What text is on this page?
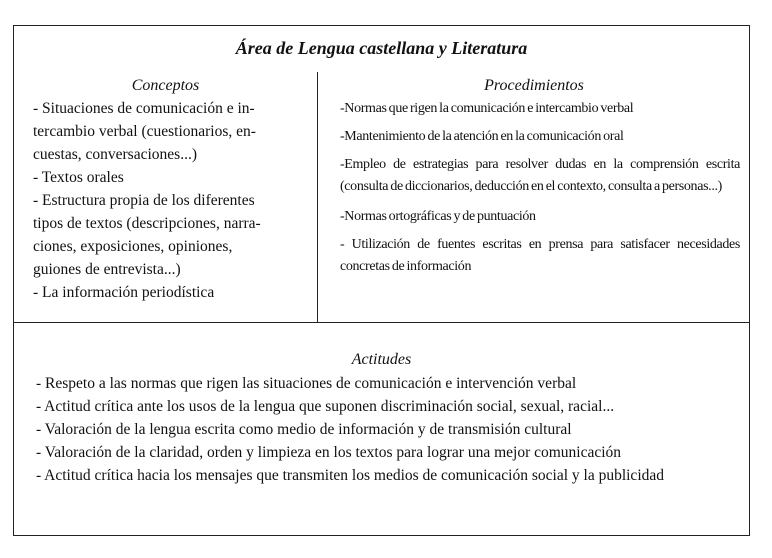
Área de Lengua castellana y Literatura
Conceptos	Procedimientos
- Situaciones de comunicación e in-
tercambio verbal (cuestionarios, en-
cuestas, conversaciones...)
- Textos orales
- Estructura propia de los diferentes
tipos de textos (descripciones, narra-
ciones, exposiciones, opiniones,
guiones de entrevista...)
- La información periodística
-Normas que rigen la comunicación e intercambio verbal
-Mantenimiento de la atención en la comunicación oral
-Empleo de estrategias para resolver dudas en la comprensión escrita (consulta de diccionarios, deducción en el contexto, consulta a personas...)
-Normas ortográficas y de puntuación
- Utilización de fuentes escritas en prensa para satisfacer necesidades concretas de información
Actitudes
- Respeto a las normas que rigen las situaciones de comunicación e intervención verbal
- Actitud crítica ante los usos de la lengua que suponen discriminación social, sexual, racial...
- Valoración de la lengua escrita como medio de información y de transmisión cultural
- Valoración de la claridad, orden y limpieza en los textos para lograr una mejor comunicación
- Actitud crítica hacia los mensajes que transmiten los medios de comunicación social y la publicidad
